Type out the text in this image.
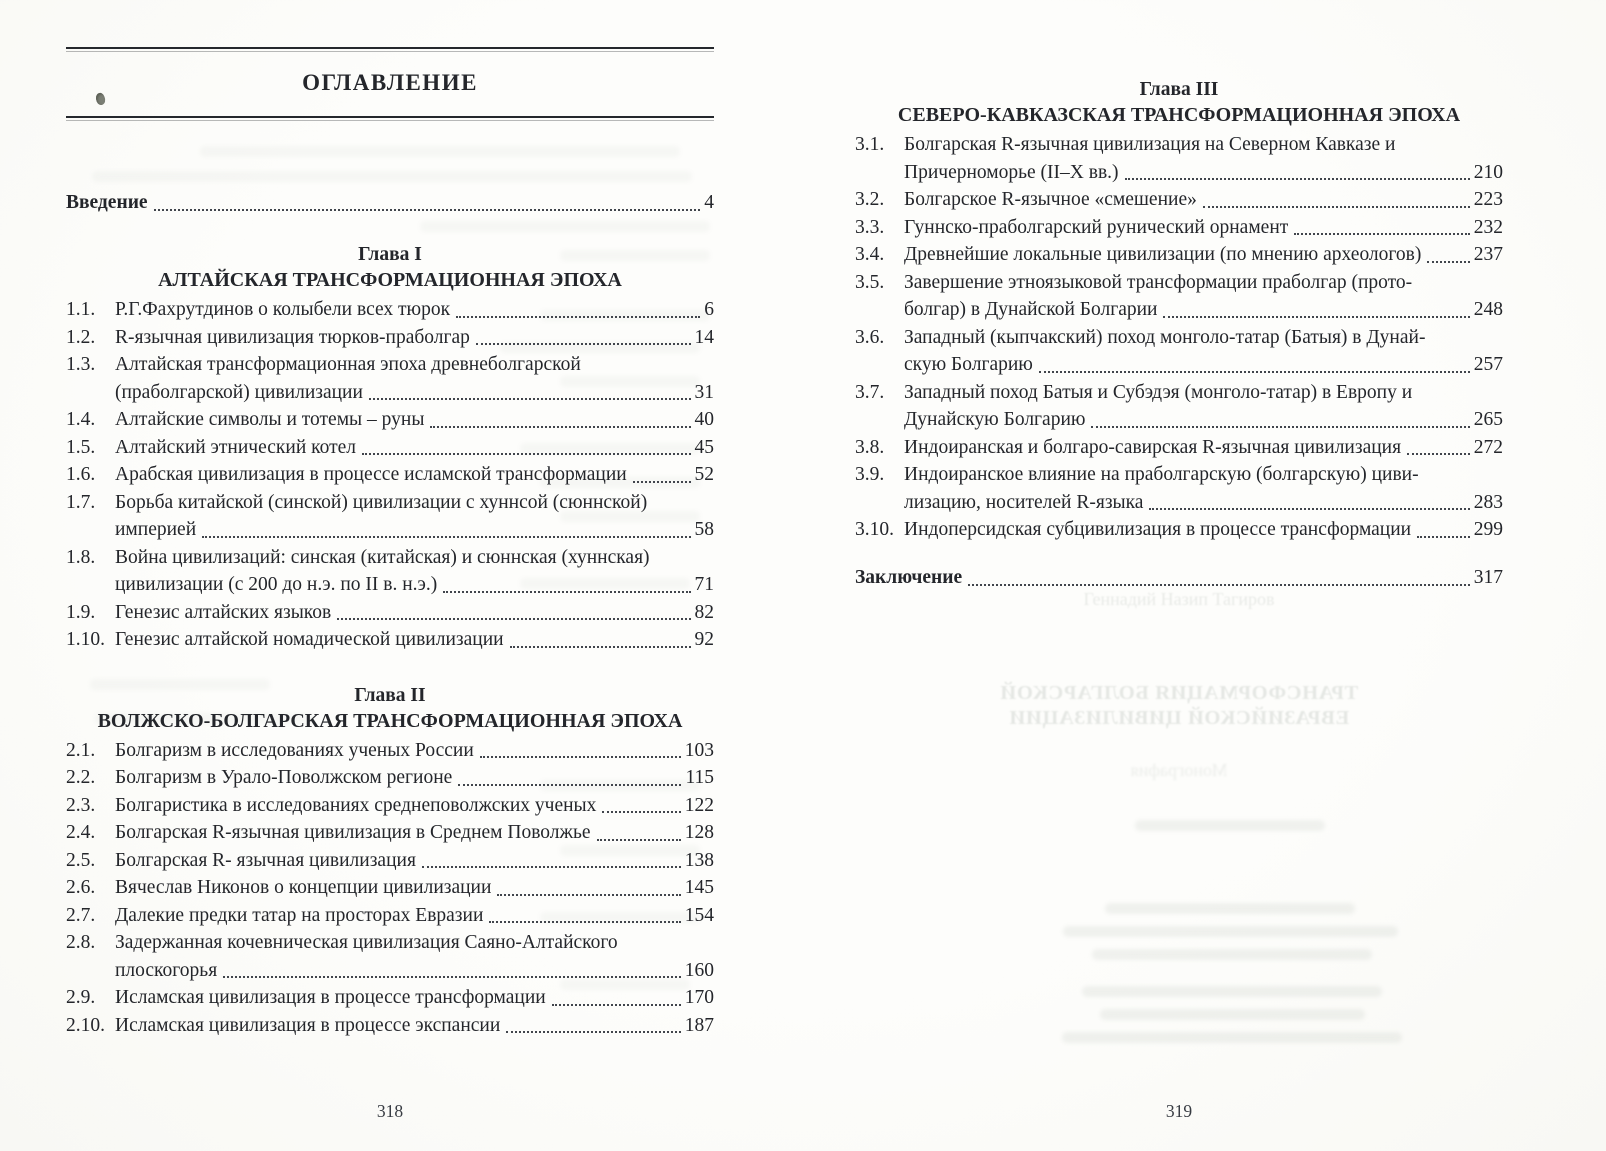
ОГЛАВЛЕНИЕ
Введение	4
Глава I
АЛТАЙСКАЯ ТРАНСФОРМАЦИОННАЯ ЭПОХА
1.1.	Р.Г.Фахрутдинов о колыбели всех тюрок	6
1.2.	R-язычная цивилизация тюрков-праболгар	14
1.3.	Алтайская трансформационная эпоха древнеболгарской
(праболгарской) цивилизации	31
1.4.	Алтайские символы и тотемы – руны	40
1.5.	Алтайский этнический котел	45
1.6.	Арабская цивилизация в процессе исламской трансформации	52
1.7.	Борьба китайской (синской) цивилизации с хуннсой (сюннской)
империей	58
1.8.	Война цивилизаций: синская (китайская) и сюннская (хуннская)
цивилизации (с 200 до н.э. по II в. н.э.)	71
1.9.	Генезис алтайских языков	82
1.10. Генезис алтайской номадической цивилизации	92
Глава II
ВОЛЖСКО-БОЛГАРСКАЯ ТРАНСФОРМАЦИОННАЯ ЭПОХА
2.1.	Болгаризм в исследованиях ученых России	103
2.2.	Болгаризм в Урало-Поволжском регионе	115
2.3.	Болгаристика в исследованиях среднеповолжских ученых	122
2.4.	Болгарская R-язычная цивилизация в Среднем Поволжье	128
2.5.	Болгарская R- язычная цивилизация	138
2.6.	Вячеслав Никонов о концепции цивилизации	145
2.7.	Далекие предки татар на просторах Евразии	154
2.8.	Задержанная кочевническая цивилизация Саяно-Алтайского
плоскогорья	160
2.9.	Исламская цивилизация в процессе трансформации	170
2.10. Исламская цивилизация в процессе экспансии	187
318
Глава III
СЕВЕРО-КАВКАЗСКАЯ ТРАНСФОРМАЦИОННАЯ ЭПОХА
3.1.	Болгарская R-язычная цивилизация на Северном Кавказе и
Причерноморье (II–X вв.)	210
3.2.	Болгарское R-язычное «смешение»	223
3.3.	Гуннско-праболгарский рунический орнамент	232
3.4.	Древнейшие локальные цивилизации (по мнению археологов)	237
3.5.	Завершение этноязыковой трансформации праболгар (прото-
болгар) в Дунайской Болгарии	248
3.6.	Западный (кыпчакский) поход монголо-татар (Батыя) в Дунай-
скую Болгарию	257
3.7.	Западный поход Батыя и Субэдэя (монголо-татар) в Европу и
Дунайскую Болгарию	265
3.8.	Индоиранская и болгаро-савирская R-язычная цивилизация	272
3.9.	Индоиранское влияние на праболгарскую (болгарскую) циви-
лизацию, носителей R-языка	283
3.10. Индоперсидская субцивилизация в процессе трансформации	299
Заключение	317
Геннадий Назип Тагиров
ТРАНСФОРМАЦИЯ БОЛГАРСКОЙ
ЕВРАЗИЙСКОЙ ЦИВИЛИЗАЦИИ
Монография
319
